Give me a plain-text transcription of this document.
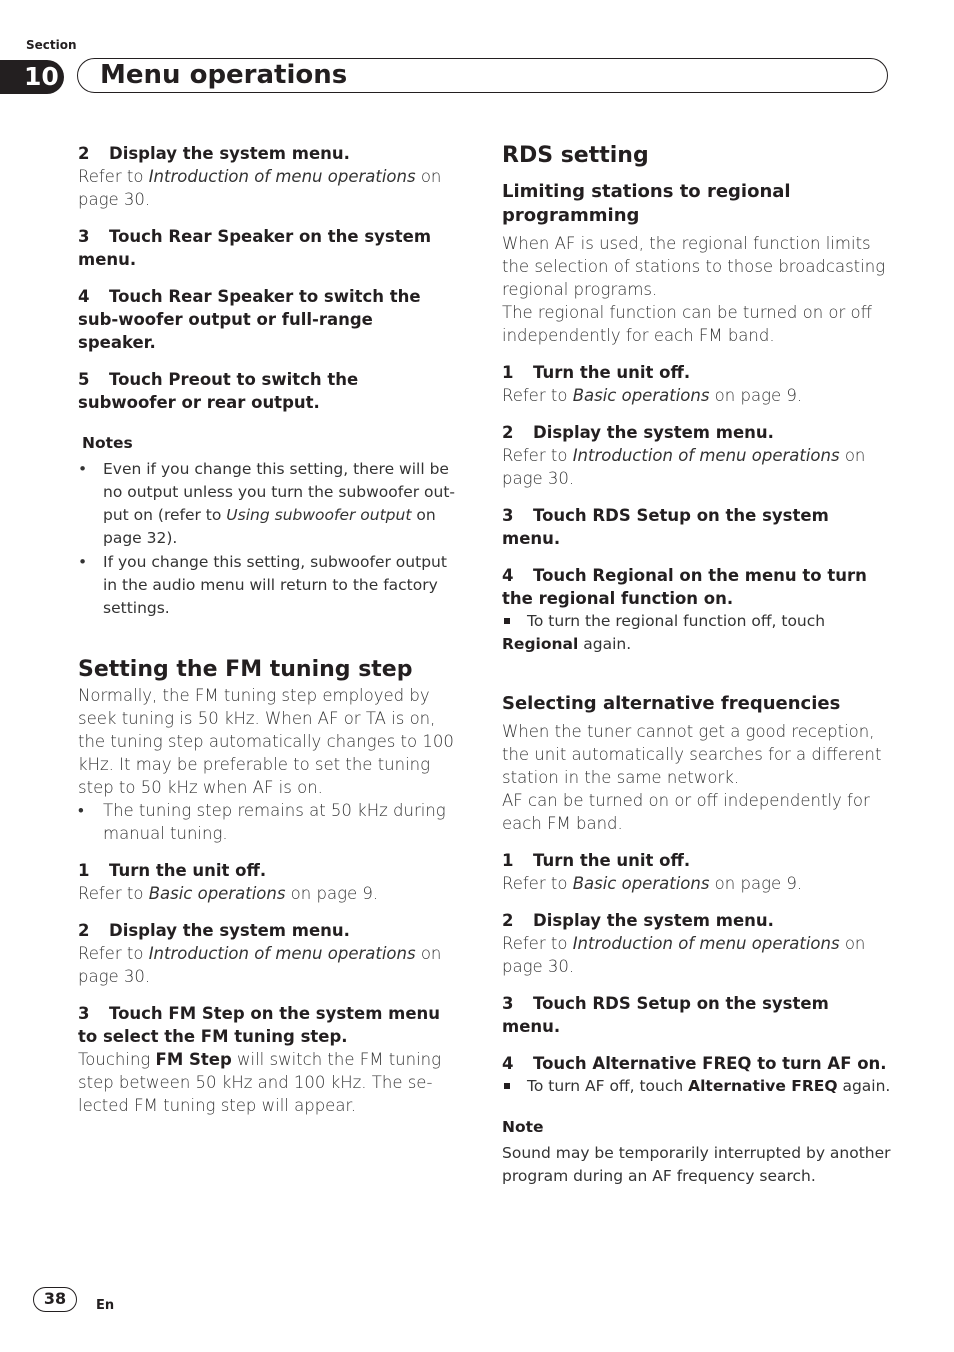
Section
10 Menu operations

2 Display the system menu.

Refer to Introduction of menu operations on page 30.

3 Touch Rear Speaker on the system menu.

4 Touch Rear Speaker to switch the sub-woofer output or full-range speaker.

5 Touch Preout to switch the subwoofer or rear output.

Notes

• Even if you change this setting, there will be no output unless you turn the subwoofer out-put on (refer to Using subwoofer output on page 32).

• If you change this setting, subwoofer output in the audio menu will return to the factory settings.

Setting the FM tuning step

Normally, the FM tuning step employed by seek tuning is 50 kHz. When AF or TA is on, the tuning step automatically changes to 100 kHz. It may be preferable to set the tuning step to 50 kHz when AF is on.

• The tuning step remains at 50 kHz during manual tuning.

1 Turn the unit off.

Refer to Basic operations on page 9.

2 Display the system menu.

Refer to Introduction of menu operations on page 30.

3 Touch FM Step on the system menu to select the FM tuning step.

Touching FM Step will switch the FM tuning step between 50 kHz and 100 kHz. The se-lected FM tuning step will appear.

RDS setting
Limiting stations to regional programming

When AF is used, the regional function limits the selection of stations to those broadcasting regional programs.

The regional function can be turned on or off independently for each FM band.

1 Turn the unit off.

Refer to Basic operations on page 9.

2 Display the system menu.

Refer to Introduction of menu operations on page 30.

3 Touch RDS Setup on the system menu.

4 Touch Regional on the menu to turn the regional function on.

To turn the regional function off, touch

Regional again.

Selecting alternative frequencies

When the tuner cannot get a good reception, the unit automatically searches for a different station in the same network.

AF can be turned on or off independently for each FM band.

1 Turn the unit off.

Refer to Basic operations on page 9.

2 Display the system menu.

Refer to Introduction of menu operations on page 30.

3 Touch RDS Setup on the system menu.

4 Touch Alternative FREQ to turn AF on.

To turn AF off, touch Alternative FREQ again.

Note

Sound may be temporarily interrupted by another program during an AF frequency search.

38	En
